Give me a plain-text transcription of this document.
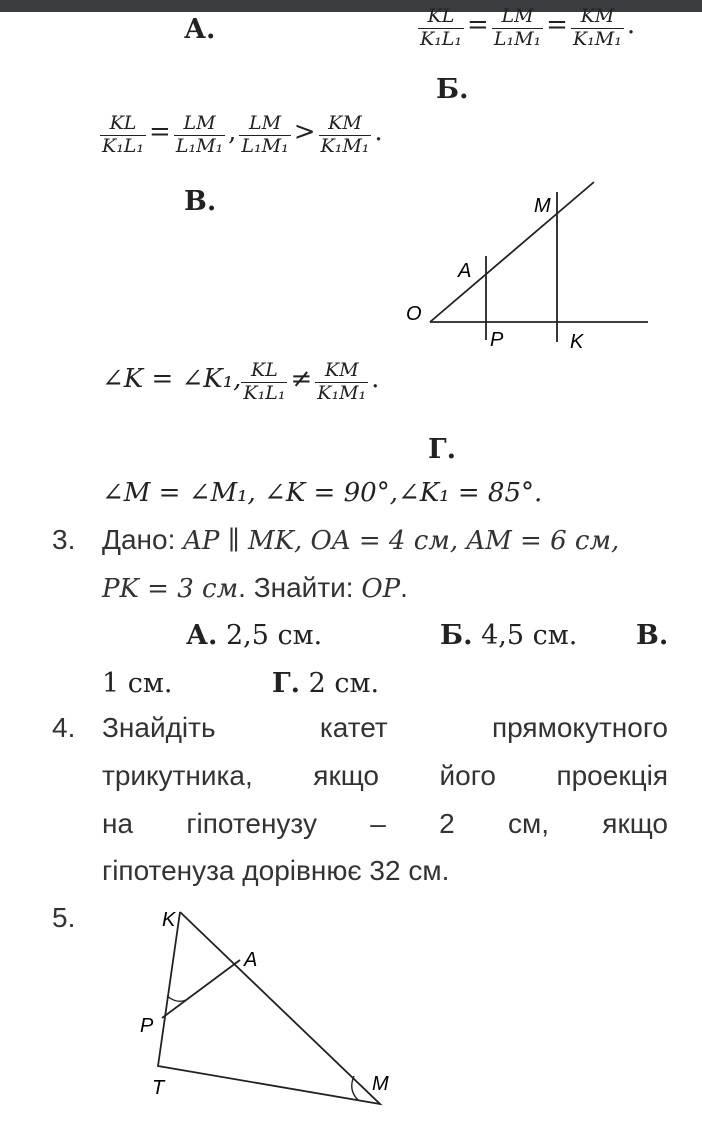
А.	$\frac{KL}{\text{K₁L₁}} = \frac{LM}{\text{L₁M₁}} = \frac{KM}{\text{K₁M₁}}$ .
Б.
$\frac{KL}{\text{K₁L₁}} = \frac{LM}{\text{L₁M₁}}$ , $\frac{LM}{\text{L₁M₁}} > \frac{KM}{\text{K₁M₁}}$ .
В.
O
A
M
P	K
∠K = ∠K₁, $\frac{KL}{\text{K₁L₁}} \ne \frac{KM}{\text{K₁M₁}}$ .
Г.
∠M = ∠M₁, ∠K = 90°,∠K₁ = 85°.
3. Дано: AP ∥ MK, OA = 4 см, AM = 6 см,
PK = 3 см. Знайти: OP.
А. 2,5 см.	Б. 4,5 см. В.
1 см.	Г. 2 см.
4. Знайдіть катет прямокутного
трикутника, якщо його проекція
на гіпотенузу – 2 см, якщо
гіпотенуза дорівнює 32 см.
5.	K
A
P
T	M
